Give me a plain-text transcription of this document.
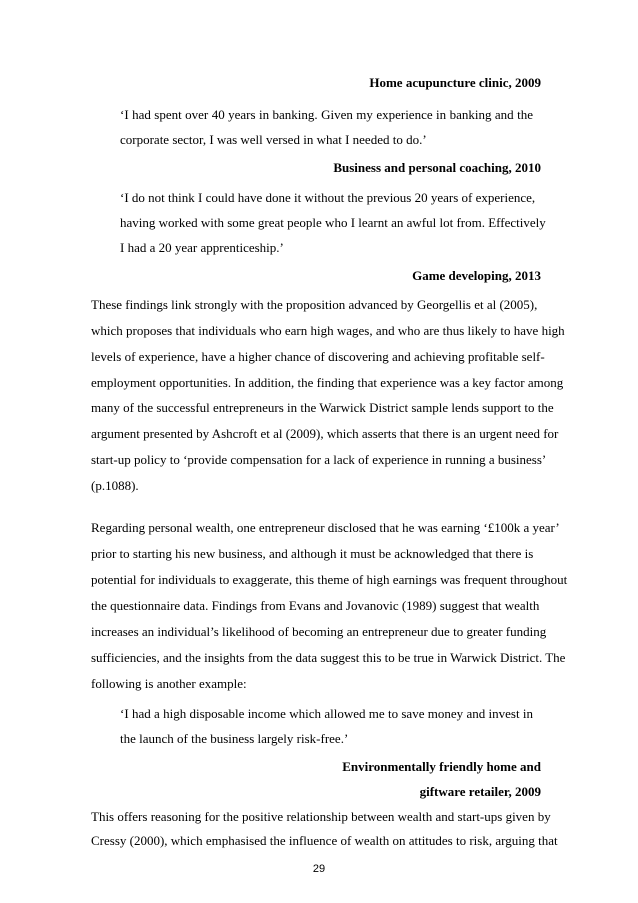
Home acupuncture clinic, 2009
‘I had spent over 40 years in banking. Given my experience in banking and the
corporate sector, I was well versed in what I needed to do.’
Business and personal coaching, 2010
‘I do not think I could have done it without the previous 20 years of experience,
having worked with some great people who I learnt an awful lot from. Effectively
I had a 20 year apprenticeship.’
Game developing, 2013
These findings link strongly with the proposition advanced by Georgellis et al (2005),
which proposes that individuals who earn high wages, and who are thus likely to have high
levels of experience, have a higher chance of discovering and achieving profitable self-
employment opportunities. In addition, the finding that experience was a key factor among
many of the successful entrepreneurs in the Warwick District sample lends support to the
argument presented by Ashcroft et al (2009), which asserts that there is an urgent need for
start-up policy to ‘provide compensation for a lack of experience in running a business’
(p.1088).
Regarding personal wealth, one entrepreneur disclosed that he was earning ‘£100k a year’
prior to starting his new business, and although it must be acknowledged that there is
potential for individuals to exaggerate, this theme of high earnings was frequent throughout
the questionnaire data. Findings from Evans and Jovanovic (1989) suggest that wealth
increases an individual’s likelihood of becoming an entrepreneur due to greater funding
sufficiencies, and the insights from the data suggest this to be true in Warwick District. The
following is another example:
‘I had a high disposable income which allowed me to save money and invest in
the launch of the business largely risk-free.’
Environmentally friendly home and
giftware retailer, 2009
This offers reasoning for the positive relationship between wealth and start-ups given by
Cressy (2000), which emphasised the influence of wealth on attitudes to risk, arguing that
29
